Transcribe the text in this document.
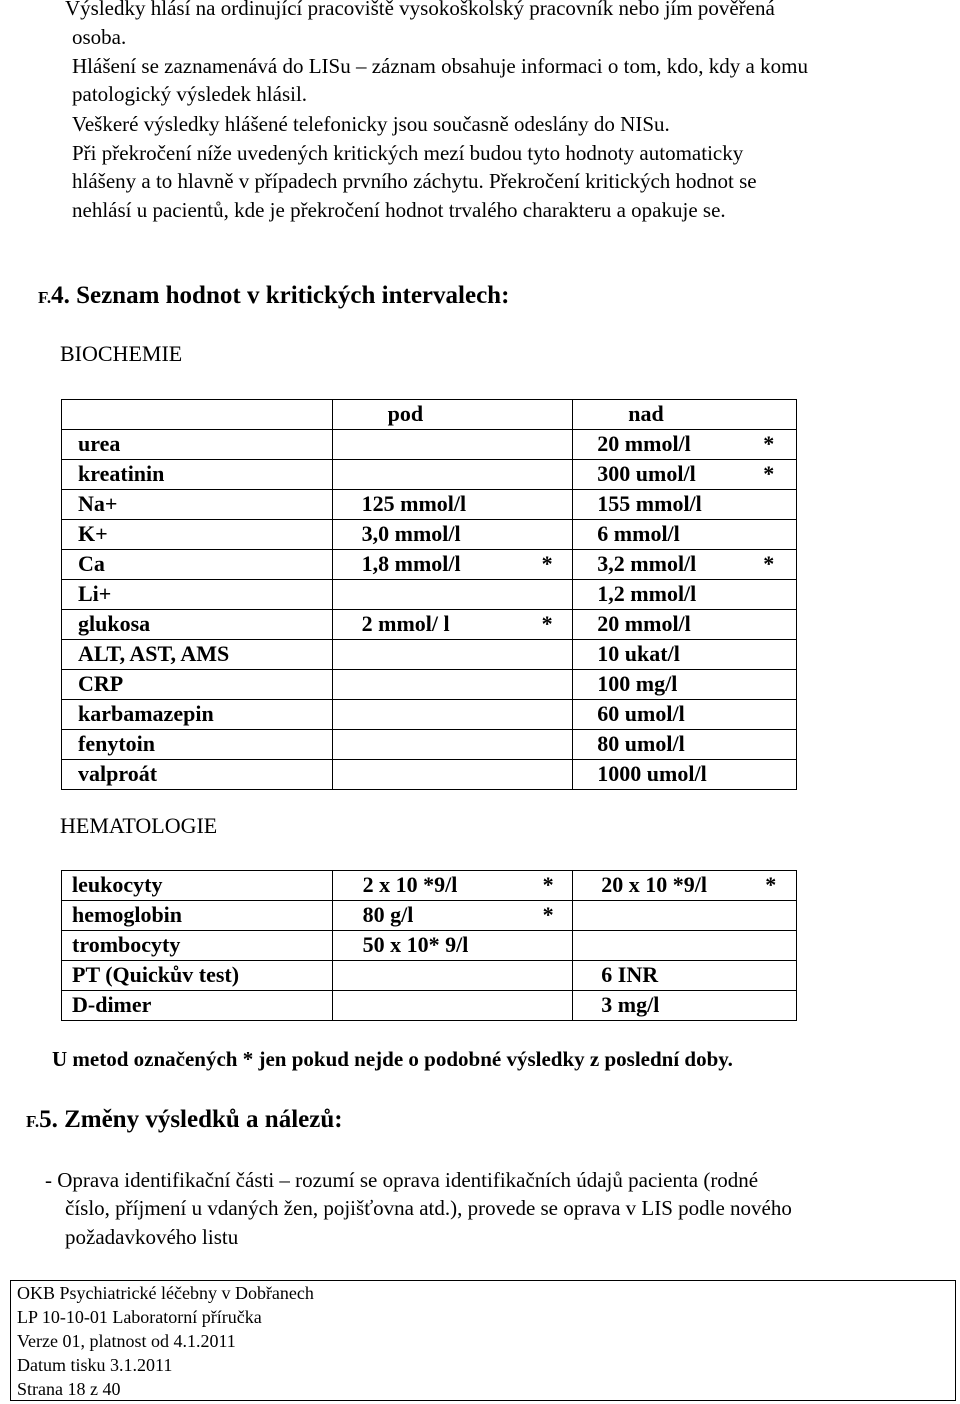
Výsledky hlásí na ordinující pracoviště vysokoškolský pracovník nebo jím pověřená
osoba.
Hlášení se zaznamenává do LISu – záznam obsahuje informaci o tom, kdo, kdy a komu
patologický výsledek hlásil.
Veškeré výsledky hlášené telefonicky jsou současně odeslány do NISu.
Při překročení níže uvedených kritických mezí budou tyto hodnoty automaticky
hlášeny a to hlavně v případech prvního záchytu. Překročení kritických hodnot se
nehlásí u pacientů, kde je překročení hodnot trvalého charakteru a opakuje se.
F.4. Seznam hodnot v kritických intervalech:
BIOCHEMIE

	pod	nad

urea		20 mmol/l *

kreatinin		300 umol/l *

Na+	125 mmol/l	155 mmol/l

K+	3,0 mmol/l	6 mmol/l

Ca	1,8 mmol/l *	3,2 mmol/l *

Li+		1,2 mmol/l

glukosa	2 mmol/ l *	20 mmol/l

ALT, AST, AMS		10 ukat/l

CRP		100 mg/l

karbamazepin		60 umol/l

fenytoin		80 umol/l

valproát		1000 umol/l
HEMATOLOGIE
leukocyty	2 x 10 *9/l *	20 x 10 *9/l *

hemoglobin	80 g/l *	

trombocyty	50 x 10* 9/l	

PT (Quickův test)		6 INR

D-dimer		3 mg/l
U metod označených * jen pokud nejde o podobné výsledky z poslední doby.
F.5. Změny výsledků a nálezů:
- Oprava identifikační části – rozumí se oprava identifikačních údajů pacienta (rodné
číslo, příjmení u vdaných žen, pojišťovna atd.), provede se oprava v LIS podle nového
požadavkového listu
OKB Psychiatrické léčebny v Dobřanech
LP 10-10-01 Laboratorní příručka
Verze 01, platnost od 4.1.2011
Datum tisku 3.1.2011
Strana 18 z 40
